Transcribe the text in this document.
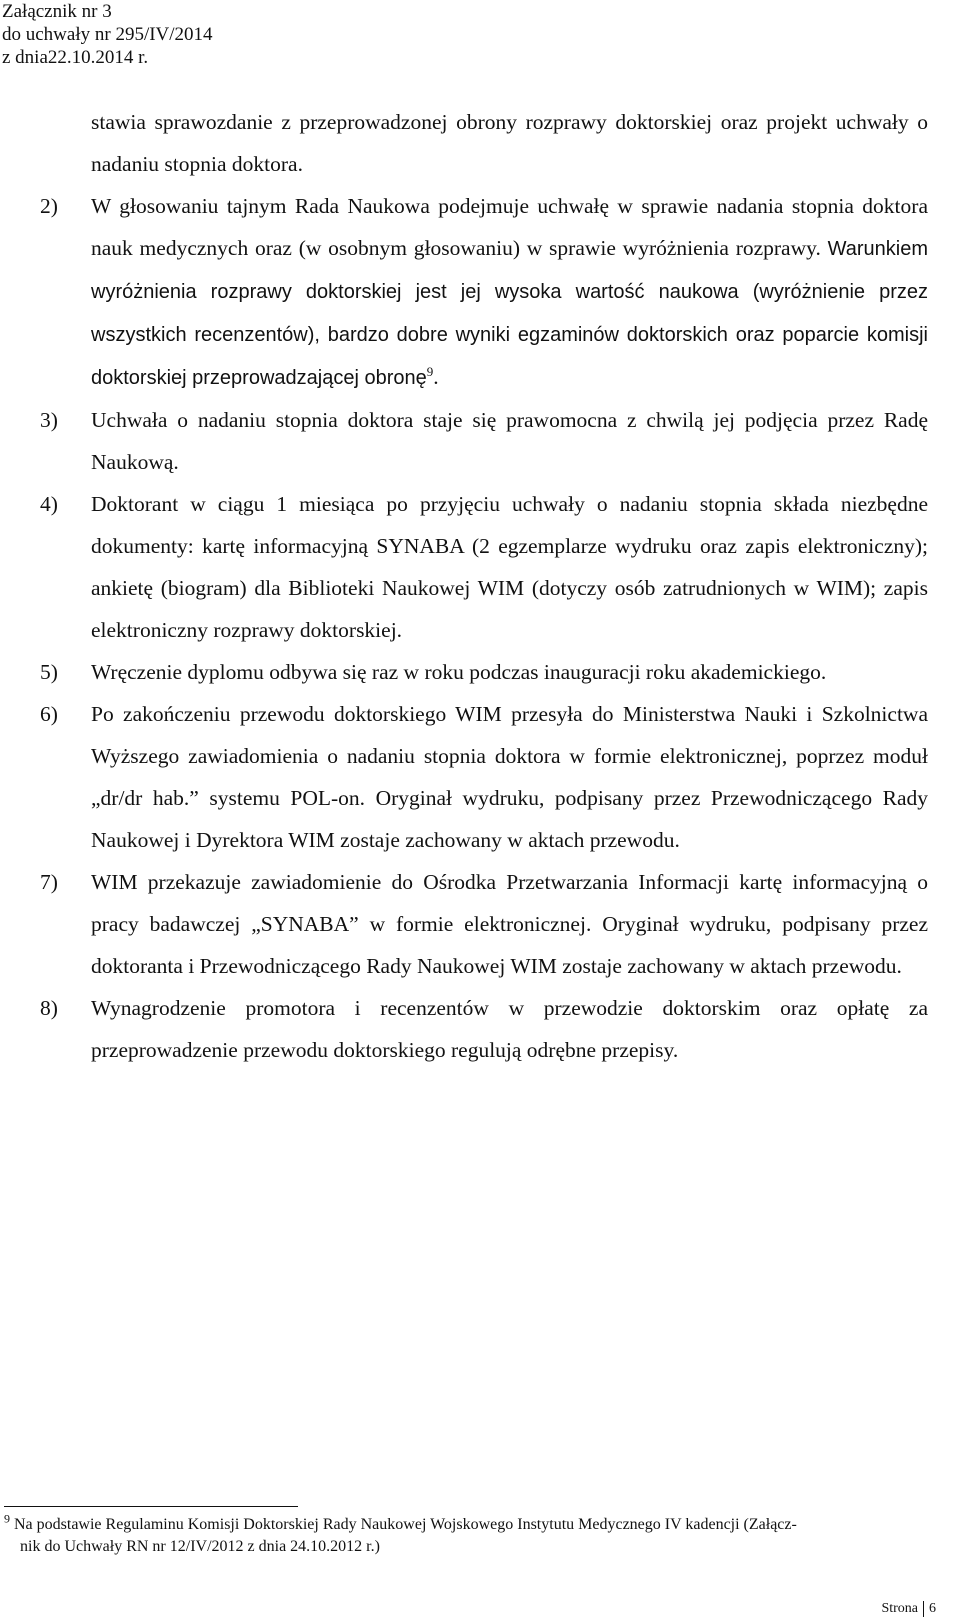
Załącznik nr 3
do uchwały nr 295/IV/2014
z dnia22.10.2014 r.
stawia sprawozdanie z przeprowadzonej obrony rozprawy doktorskiej oraz projekt uchwały o nadaniu stopnia doktora.
2) W głosowaniu tajnym Rada Naukowa podejmuje uchwałę w sprawie nadania stopnia doktora nauk medycznych oraz (w osobnym głosowaniu) w sprawie wyróżnienia rozprawy. Warunkiem wyróżnienia rozprawy doktorskiej jest jej wysoka wartość naukowa (wyróżnienie przez wszystkich recenzentów), bardzo dobre wyniki egzaminów doktorskich oraz poparcie komisji doktorskiej przeprowadzającej obronę$^9$.
3) Uchwała o nadaniu stopnia doktora staje się prawomocna z chwilą jej podjęcia przez Radę Naukową.
4) Doktorant w ciągu 1 miesiąca po przyjęciu uchwały o nadaniu stopnia składa niezbędne dokumenty: kartę informacyjną SYNABA (2 egzemplarze wydruku oraz zapis elektroniczny); ankietę (biogram) dla Biblioteki Naukowej WIM (dotyczy osób zatrudnionych w WIM); zapis elektroniczny rozprawy doktorskiej.
5) Wręczenie dyplomu odbywa się raz w roku podczas inauguracji roku akademickiego.
6) Po zakończeniu przewodu doktorskiego WIM przesyła do Ministerstwa Nauki i Szkolnictwa Wyższego zawiadomienia o nadaniu stopnia doktora w formie elektronicznej, poprzez moduł „dr/dr hab.” systemu POL-on. Oryginał wydruku, podpisany przez Przewodniczącego Rady Naukowej i Dyrektora WIM zostaje zachowany w aktach przewodu.
7) WIM przekazuje zawiadomienie do Ośrodka Przetwarzania Informacji kartę informacyjną o pracy badawczej „SYNABA” w formie elektronicznej. Oryginał wydruku, podpisany przez doktoranta i Przewodniczącego Rady Naukowej WIM zostaje zachowany w aktach przewodu.
8) Wynagrodzenie promotora i recenzentów w przewodzie doktorskim oraz opłatę za przeprowadzenie przewodu doktorskiego regulują odrębne przepisy.
$^9$ Na podstawie Regulaminu Komisji Doktorskiej Rady Naukowej Wojskowego Instytutu Medycznego IV kadencji (Załącz-
nik do Uchwały RN nr 12/IV/2012 z dnia 24.10.2012 r.)
Strona 6
